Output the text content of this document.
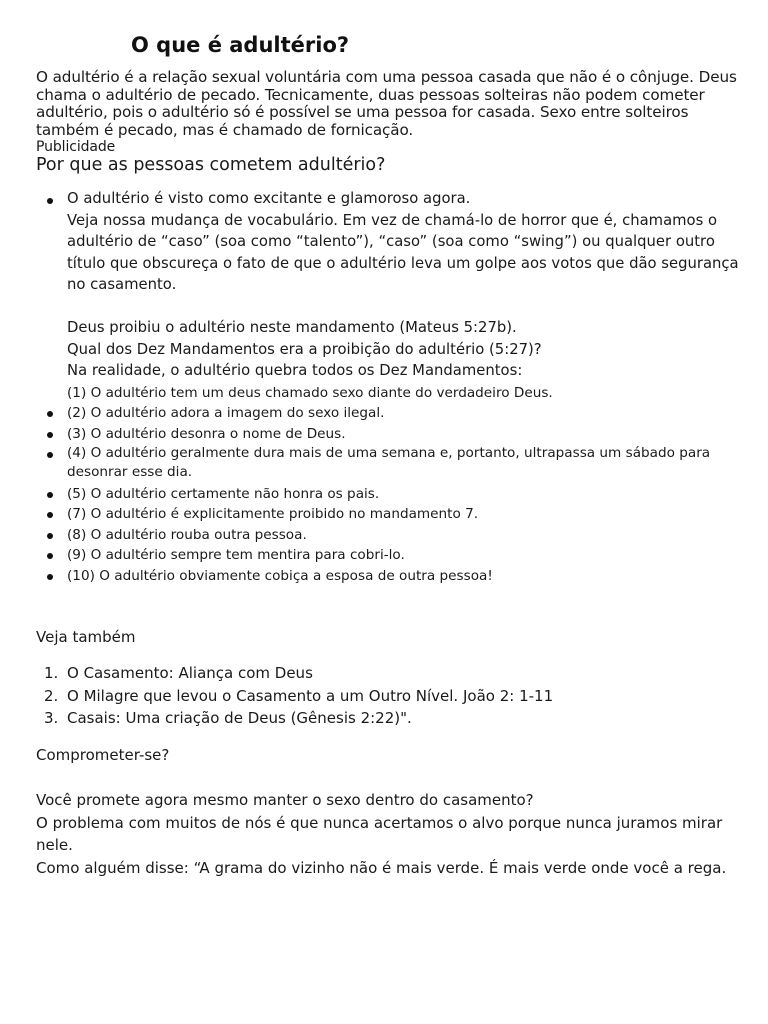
O que é adultério?
O adultério é a relação sexual voluntária com uma pessoa casada que não é o cônjuge. Deus chama o adultério de pecado. Tecnicamente, duas pessoas solteiras não podem cometer adultério, pois o adultério só é possível se uma pessoa for casada. Sexo entre solteiros também é pecado, mas é chamado de fornicação.
Publicidade
Por que as pessoas cometem adultério?

O adultério é visto como excitante e glamoroso agora.

Veja nossa mudança de vocabulário. Em vez de chamá-lo de horror que é, chamamos o adultério de “caso” (soa como “talento”), “caso” (soa como “swing”) ou qualquer outro título que obscureça o fato de que o adultério leva um golpe aos votos que dão segurança no casamento.

Deus proibiu o adultério neste mandamento (Mateus 5:27b).

Qual dos Dez Mandamentos era a proibição do adultério (5:27)?

Na realidade, o adultério quebra todos os Dez Mandamentos:

(1) O adultério tem um deus chamado sexo diante do verdadeiro Deus.
(2) O adultério adora a imagem do sexo ilegal.
(3) O adultério desonra o nome de Deus.
(4) O adultério geralmente dura mais de uma semana e, portanto, ultrapassa um sábado para desonrar esse dia.
(5) O adultério certamente não honra os pais.
(7) O adultério é explicitamente proibido no mandamento 7.
(8) O adultério rouba outra pessoa.
(9) O adultério sempre tem mentira para cobri-lo.
(10) O adultério obviamente cobiça a esposa de outra pessoa!

Veja também

1. O Casamento: Aliança com Deus
2. O Milagre que levou o Casamento a um Outro Nível. João 2: 1-11
3. Casais: Uma criação de Deus (Gênesis 2:22)".

Comprometer-se?

Você promete agora mesmo manter o sexo dentro do casamento?

O problema com muitos de nós é que nunca acertamos o alvo porque nunca juramos mirar nele.

Como alguém disse: “A grama do vizinho não é mais verde. É mais verde onde você a rega.
